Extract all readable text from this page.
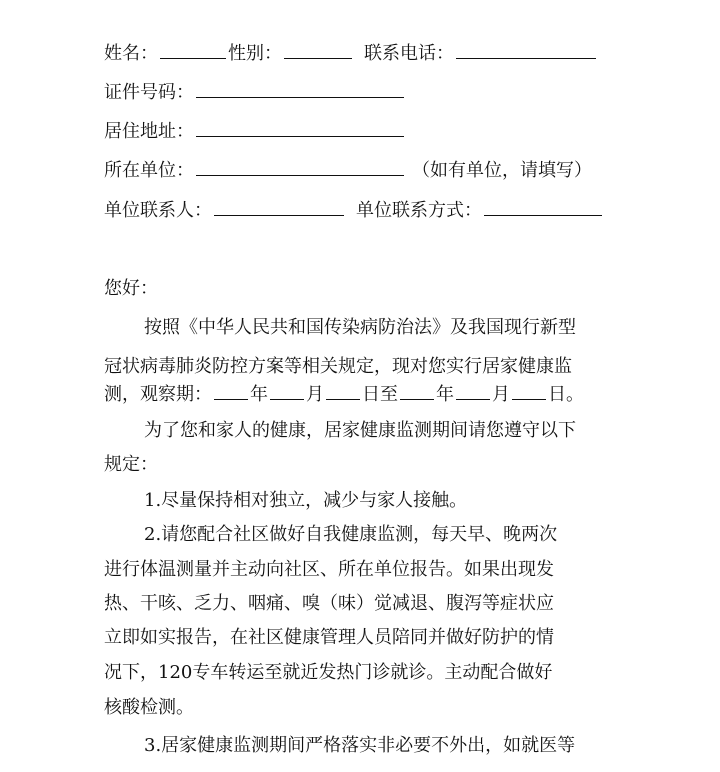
姓名：	性别：	联系电话：
证件号码：
居住地址：
所在单位：	（如有单位，请填写）
单位联系人：	单位联系方式：
您好：
按照《中华人民共和国传染病防治法》及我国现行新型
冠状病毒肺炎防控方案等相关规定，现对您实行居家健康监
测，观察期： 年 月 日至 年 月 日。
为了您和家人的健康，居家健康监测期间请您遵守以下
规定：
1.尽量保持相对独立，减少与家人接触。
2.请您配合社区做好自我健康监测，每天早、晚两次
进行体温测量并主动向社区、所在单位报告。如果出现发
热、干咳、乏力、咽痛、嗅（味）觉减退、腹泻等症状应
立即如实报告，在社区健康管理人员陪同并做好防护的情
况下，120专车转运至就近发热门诊就诊。主动配合做好
核酸检测。
3.居家健康监测期间严格落实非必要不外出，如就医等
